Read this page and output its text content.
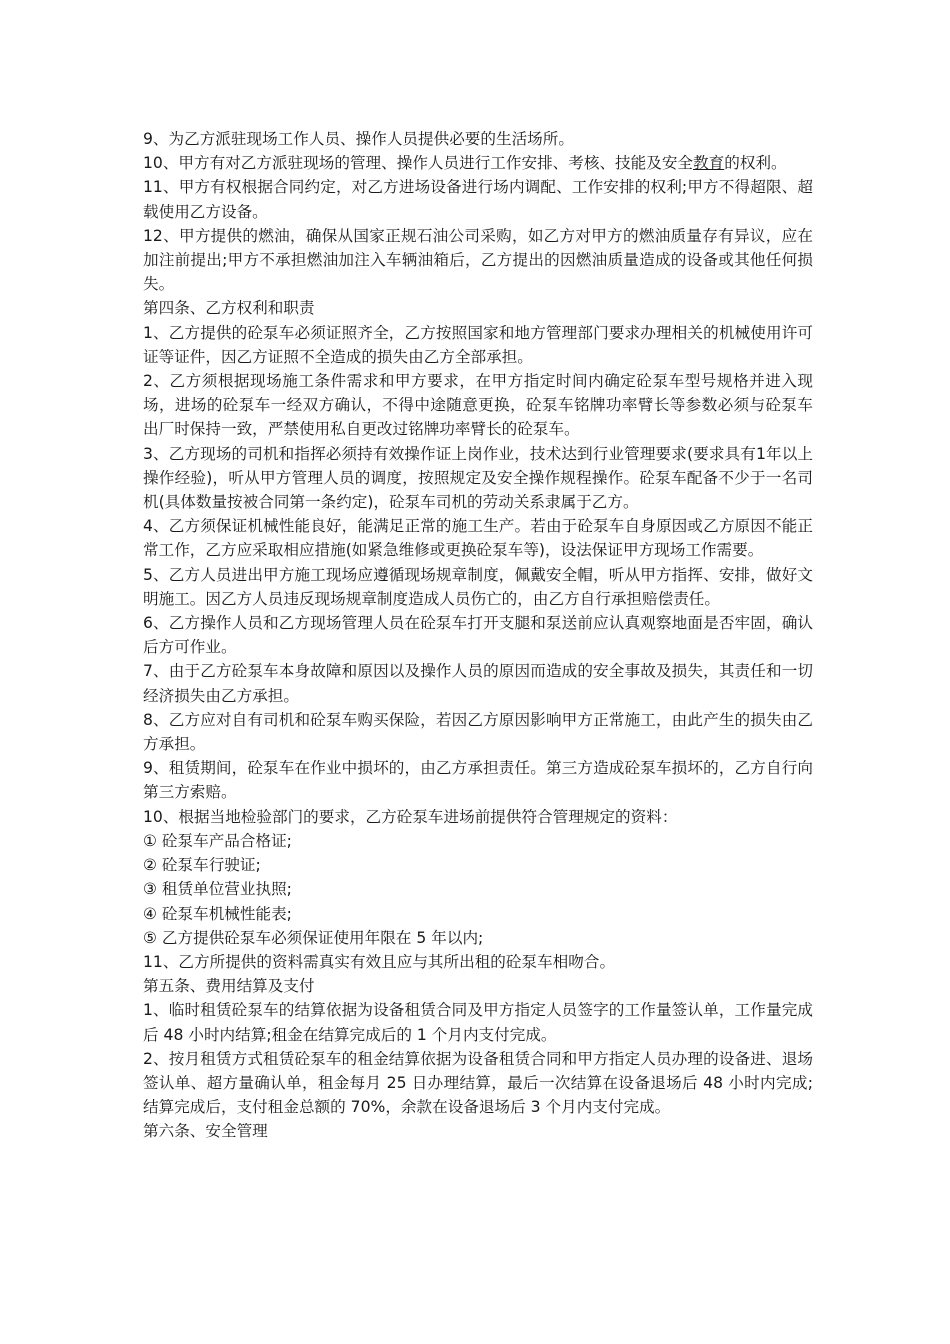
9、为乙方派驻现场工作人员、操作人员提供必要的生活场所。

10、甲方有对乙方派驻现场的管理、操作人员进行工作安排、考核、技能及安全教育的权利。

11、甲方有权根据合同约定，对乙方进场设备进行场内调配、工作安排的权利;甲方不得超限、超载使用乙方设备。

12、甲方提供的燃油，确保从国家正规石油公司采购，如乙方对甲方的燃油质量存有异议，应在加注前提出;甲方不承担燃油加注入车辆油箱后，乙方提出的因燃油质量造成的设备或其他任何损失。

第四条、乙方权利和职责

1、乙方提供的砼泵车必须证照齐全，乙方按照国家和地方管理部门要求办理相关的机械使用许可证等证件，因乙方证照不全造成的损失由乙方全部承担。

2、乙方须根据现场施工条件需求和甲方要求，在甲方指定时间内确定砼泵车型号规格并进入现场，进场的砼泵车一经双方确认，不得中途随意更换，砼泵车铭牌功率臂长等参数必须与砼泵车出厂时保持一致，严禁使用私自更改过铭牌功率臂长的砼泵车。

3、乙方现场的司机和指挥必须持有效操作证上岗作业，技术达到行业管理要求(要求具有1年以上操作经验)，听从甲方管理人员的调度，按照规定及安全操作规程操作。砼泵车配备不少于一名司机(具体数量按被合同第一条约定)，砼泵车司机的劳动关系隶属于乙方。

4、乙方须保证机械性能良好，能满足正常的施工生产。若由于砼泵车自身原因或乙方原因不能正常工作，乙方应采取相应措施(如紧急维修或更换砼泵车等)，设法保证甲方现场工作需要。

5、乙方人员进出甲方施工现场应遵循现场规章制度，佩戴安全帽，听从甲方指挥、安排，做好文明施工。因乙方人员违反现场规章制度造成人员伤亡的，由乙方自行承担赔偿责任。

6、乙方操作人员和乙方现场管理人员在砼泵车打开支腿和泵送前应认真观察地面是否牢固，确认后方可作业。

7、由于乙方砼泵车本身故障和原因以及操作人员的原因而造成的安全事故及损失，其责任和一切经济损失由乙方承担。

8、乙方应对自有司机和砼泵车购买保险，若因乙方原因影响甲方正常施工，由此产生的损失由乙方承担。

9、租赁期间，砼泵车在作业中损坏的，由乙方承担责任。第三方造成砼泵车损坏的，乙方自行向第三方索赔。

10、根据当地检验部门的要求，乙方砼泵车进场前提供符合管理规定的资料：

① 砼泵车产品合格证;

② 砼泵车行驶证;

③ 租赁单位营业执照;

④ 砼泵车机械性能表;

⑤ 乙方提供砼泵车必须保证使用年限在 5 年以内;

11、乙方所提供的资料需真实有效且应与其所出租的砼泵车相吻合。

第五条、费用结算及支付

1、临时租赁砼泵车的结算依据为设备租赁合同及甲方指定人员签字的工作量签认单，工作量完成后 48 小时内结算;租金在结算完成后的 1 个月内支付完成。

2、按月租赁方式租赁砼泵车的租金结算依据为设备租赁合同和甲方指定人员办理的设备进、退场签认单、超方量确认单，租金每月 25 日办理结算，最后一次结算在设备退场后 48 小时内完成;结算完成后，支付租金总额的 70%，余款在设备退场后 3 个月内支付完成。

第六条、安全管理
